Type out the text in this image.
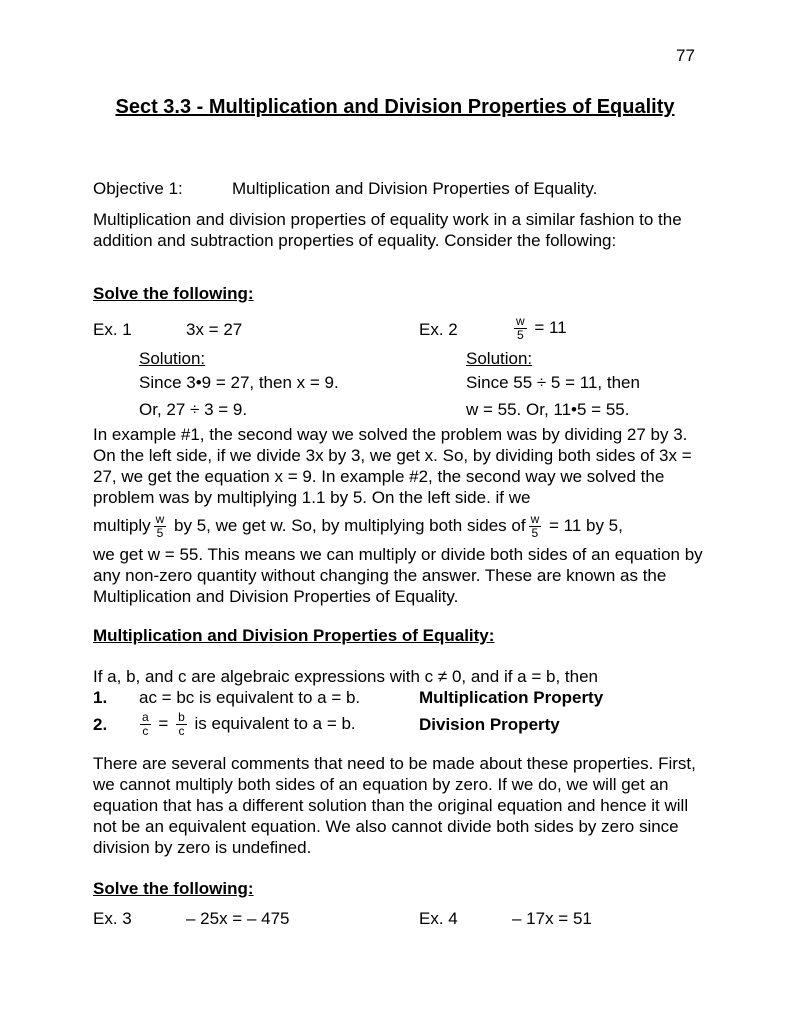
77
Sect 3.3 - Multiplication and Division Properties of Equality
Objective 1:	Multiplication and Division Properties of Equality.
Multiplication and division properties of equality work in a similar fashion to the addition and subtraction properties of equality. Consider the following:
Solve the following:
Ex. 1	3x = 27
Solution:
Since 3•9 = 27, then x = 9.
Or, 27 ÷ 3 = 9.
Ex. 2	$\frac{w}{5} = 11$
Solution:
Since 55 ÷ 5 = 11, then
w = 55. Or, 11•5 = 55.
In example #1, the second way we solved the problem was by dividing 27 by 3. On the left side, if we divide 3x by 3, we get x. So, by dividing both sides of 3x = 27, we get the equation x = 9. In example #2, the second way we solved the problem was by multiplying 1.1 by 5. On the left side. if we
multiply $\frac{w}{5}$ by 5, we get w. So, by multiplying both sides of $\frac{w}{5} = 11$ by 5,
we get w = 55. This means we can multiply or divide both sides of an equation by any non-zero quantity without changing the answer. These are known as the Multiplication and Division Properties of Equality.
Multiplication and Division Properties of Equality:
If a, b, and c are algebraic expressions with c ≠ 0, and if a = b, then
1. ac = bc is equivalent to a = b.	Multiplication Property
2.	$\frac{a}{c} = \frac{b}{c}$ is equivalent to a = b.	Division Property
There are several comments that need to be made about these properties. First, we cannot multiply both sides of an equation by zero. If we do, we will get an equation that has a different solution than the original equation and hence it will not be an equivalent equation. We also cannot divide both sides by zero since division by zero is undefined.
Solve the following:
Ex. 3	– 25x = – 475	Ex. 4	– 17x = 51
